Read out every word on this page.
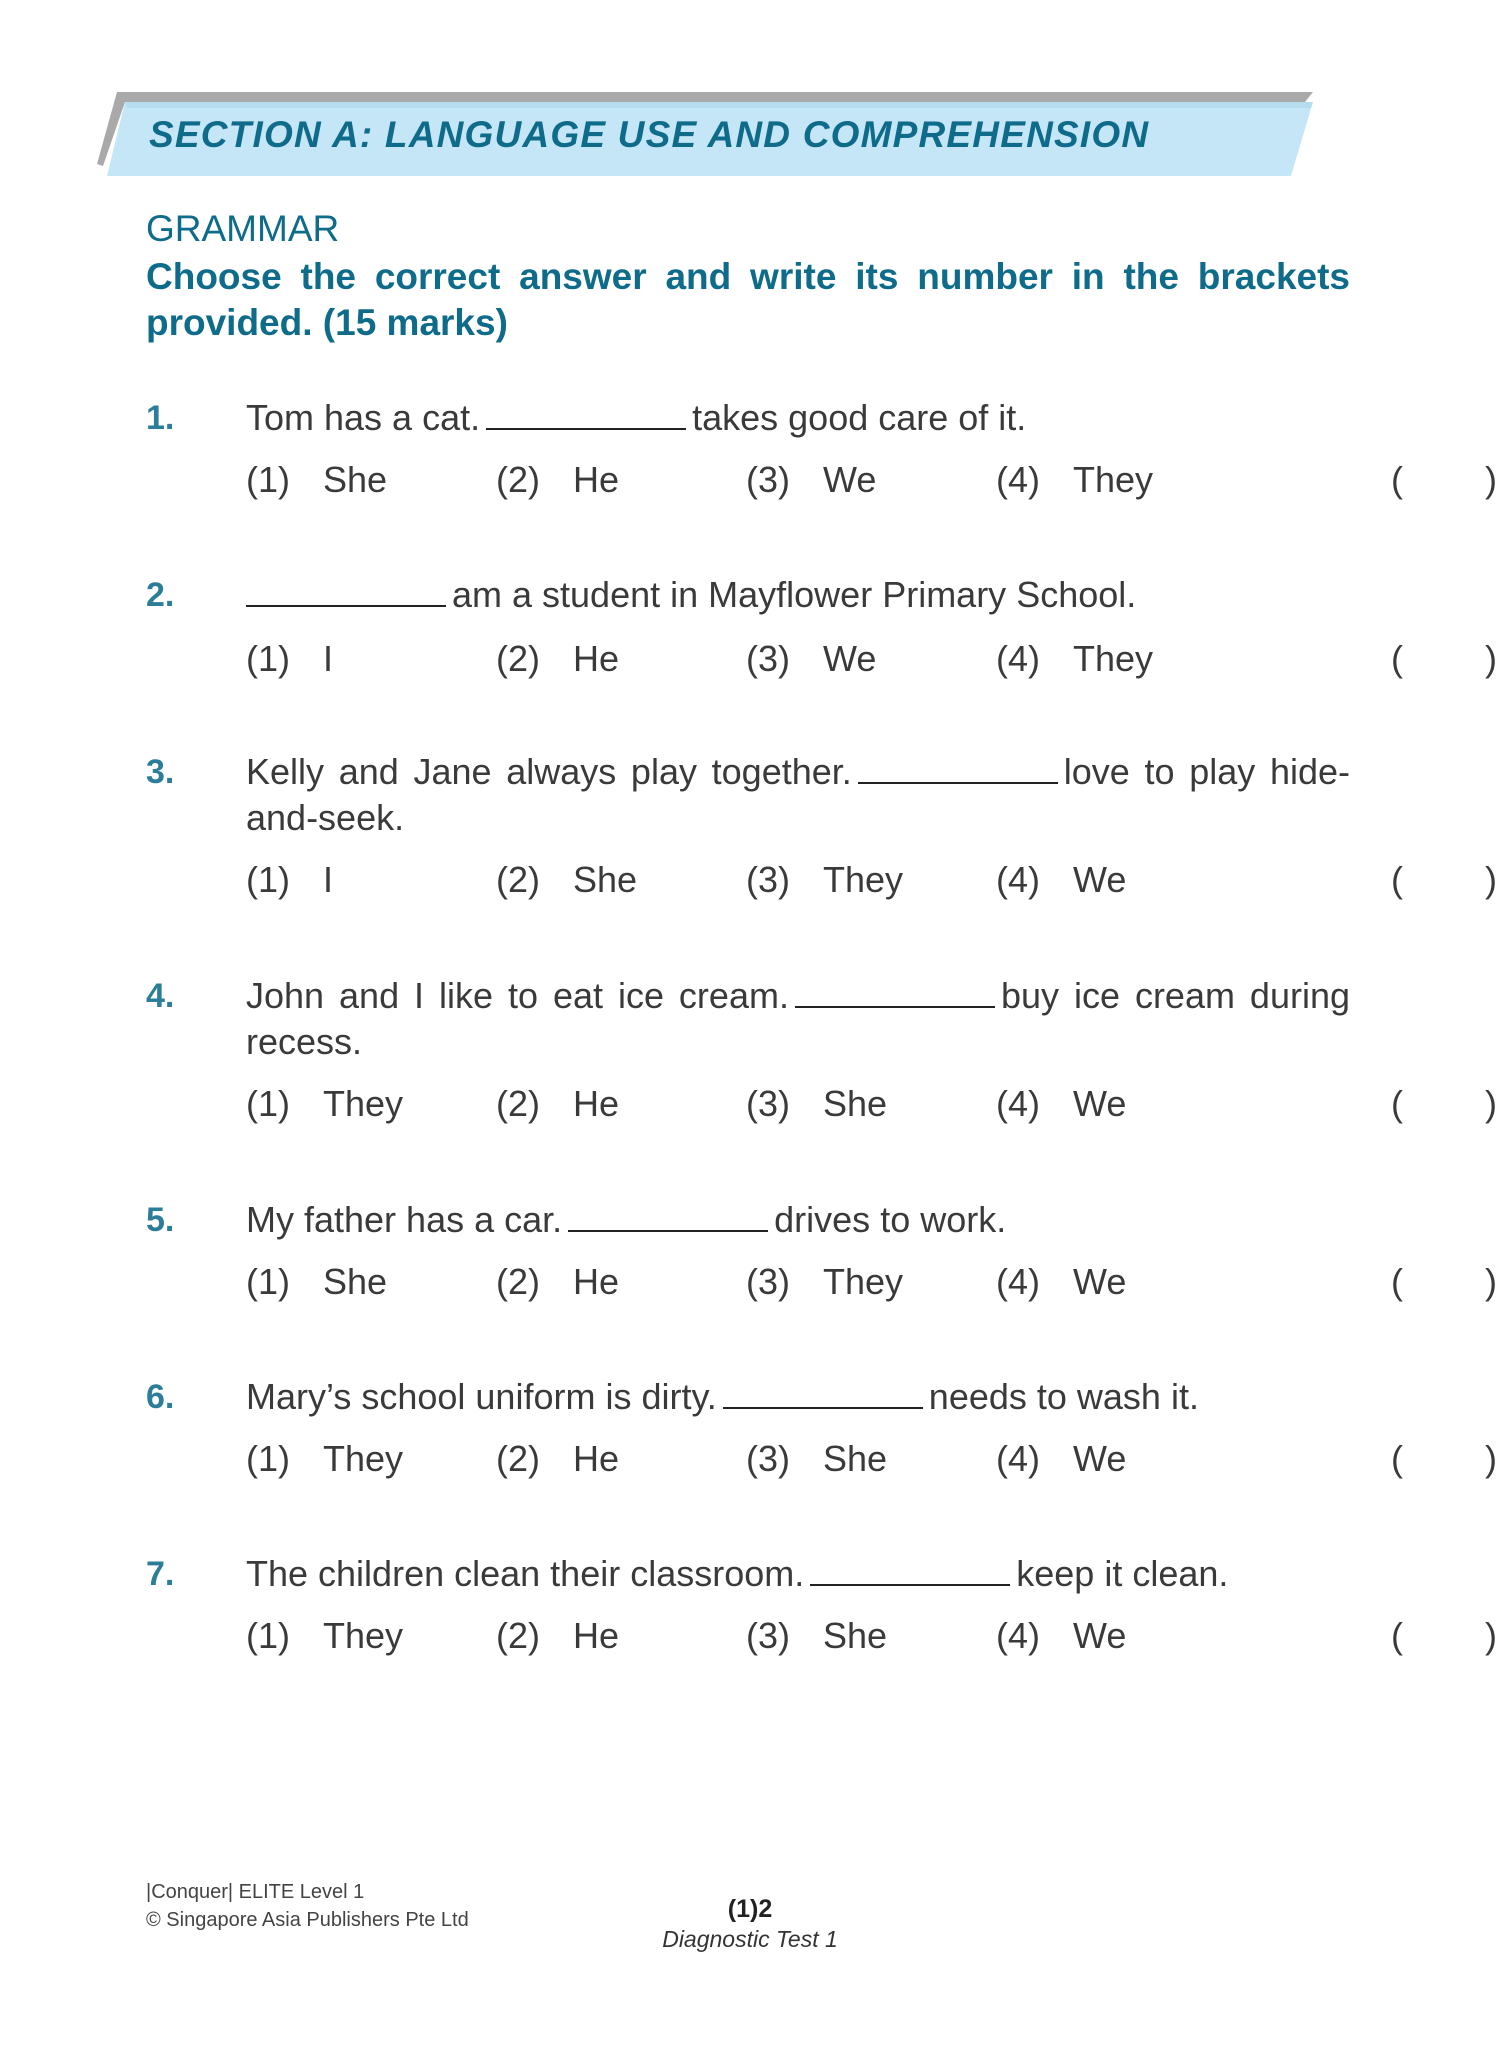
SECTION A: LANGUAGE USE AND COMPREHENSION
GRAMMAR
Choose the correct answer and write its number in the brackets provided. (15 marks)
1. Tom has a cat.	takes good care of it.
(1) She	(2) He	(3) We	(4) They	( )
2.	am a student in Mayflower Primary School.
(1) I	(2) He	(3) We	(4) They	( )
3. Kelly and Jane always play together.	love to play hide-and-seek.
(1) I	(2) She	(3) They	(4) We	( )
4. John and I like to eat ice cream.	buy ice cream during recess.
(1) They	(2) He	(3) She	(4) We	( )
5. My father has a car.	drives to work.
(1) She	(2) He	(3) They	(4) We	( )
6. Mary’s school uniform is dirty.	needs to wash it.
(1) They	(2) He	(3) She	(4) We	( )
7. The children clean their classroom.	keep it clean.
(1) They	(2) He	(3) She	(4) We	( )
|Conquer| ELITE Level 1
© Singapore Asia Publishers Pte Ltd	(1)2
Diagnostic Test 1
